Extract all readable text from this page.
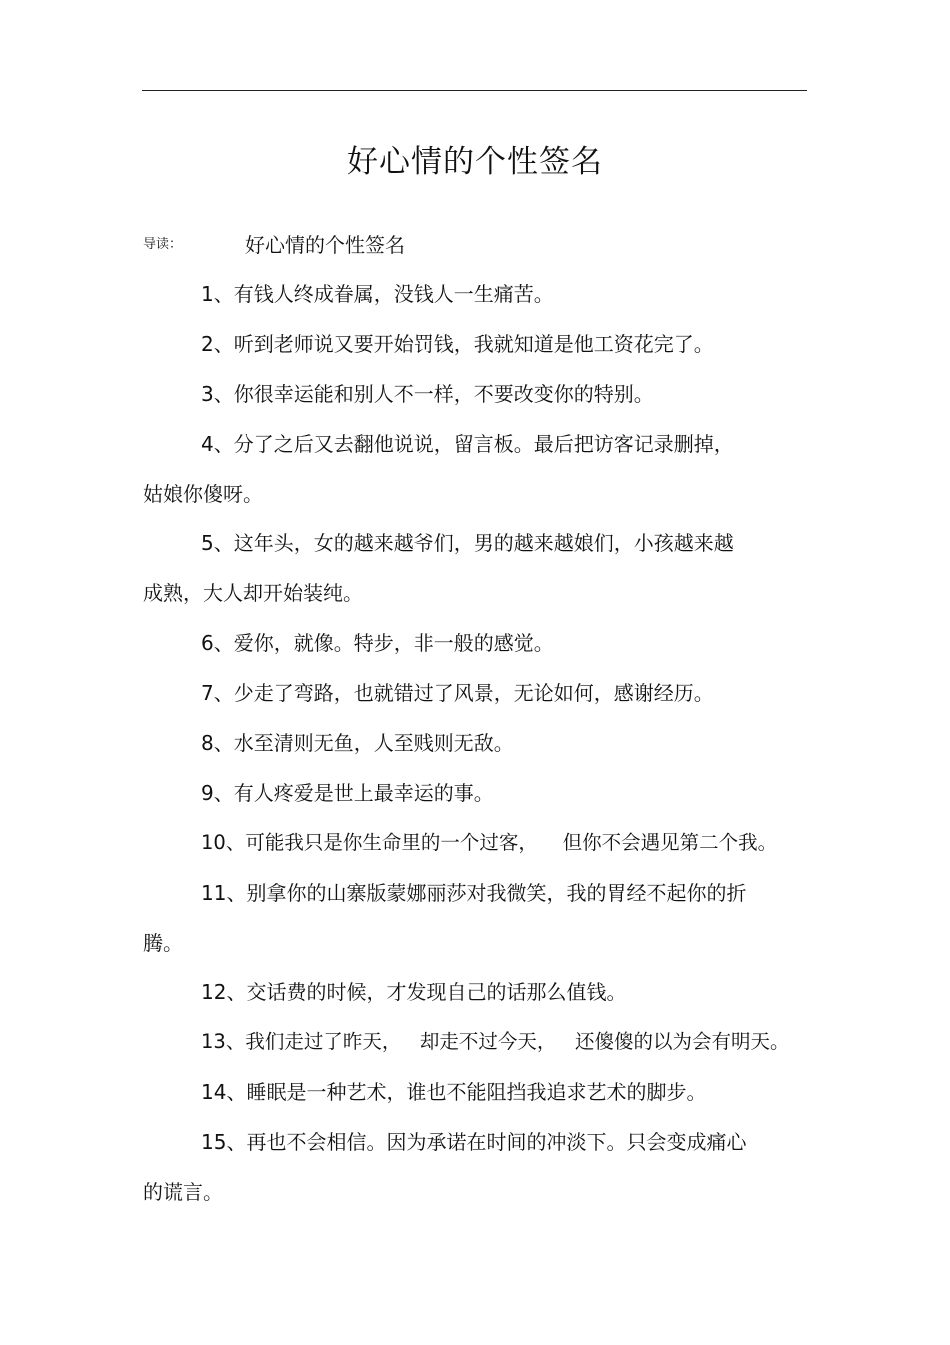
好心情的个性签名
导读：	好心情的个性签名
1、有钱人终成眷属，没钱人一生痛苦。
2、听到老师说又要开始罚钱，我就知道是他工资花完了。
3、你很幸运能和别人不一样，不要改变你的特别。
4、分了之后又去翻他说说，留言板。最后把访客记录删掉，
姑娘你傻呀。
5、这年头，女的越来越爷们，男的越来越娘们，小孩越来越
成熟，大人却开始装纯。
6、爱你，就像。特步，非一般的感觉。
7、少走了弯路，也就错过了风景，无论如何，感谢经历。
8、水至清则无鱼，人至贱则无敌。
9、有人疼爱是世上最幸运的事。
10、可能我只是你生命里的一个过客，    但你不会遇见第二个我。
11、别拿你的山寨版蒙娜丽莎对我微笑，我的胃经不起你的折
腾。
12、交话费的时候，才发现自己的话那么值钱。
13、我们走过了昨天，   却走不过今天，   还傻傻的以为会有明天。
14、睡眠是一种艺术，谁也不能阻挡我追求艺术的脚步。
15、再也不会相信。因为承诺在时间的冲淡下。只会变成痛心
的谎言。
